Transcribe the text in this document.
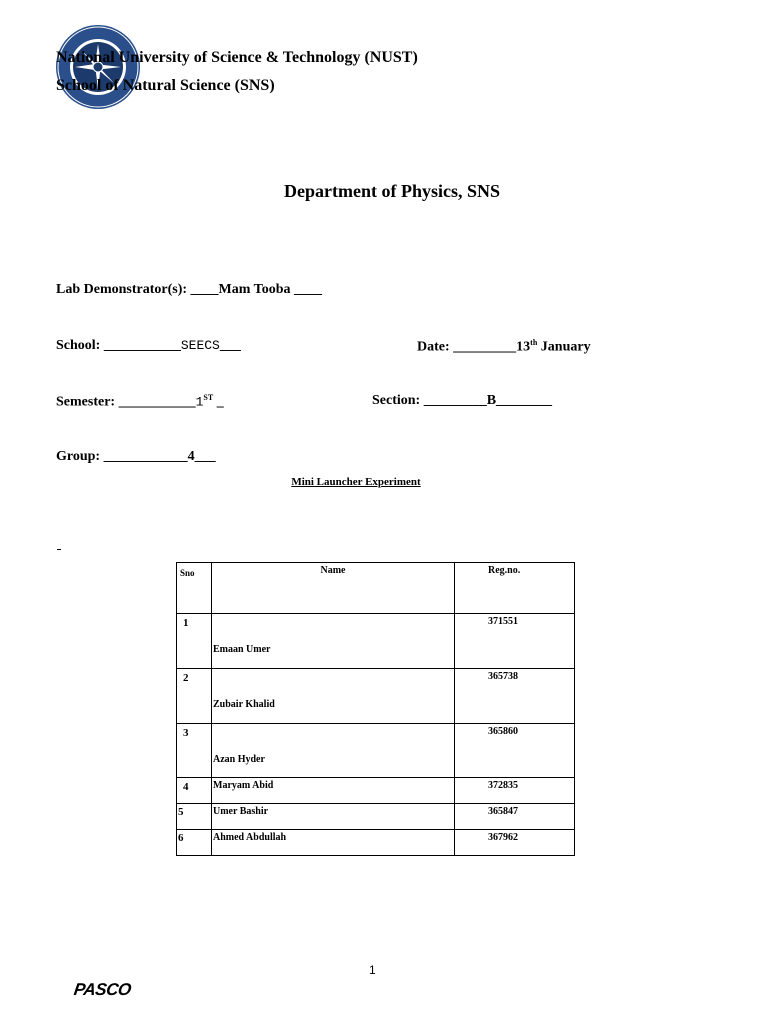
National University of Science & Technology (NUST)
School of Natural Science (SNS)
Department of Physics, SNS
Lab Demonstrator(s): ____Mam Tooba ____
School: ___________SEECS___	Date: _________13th January
Semester: ___________1ST _	Section: _________B________
Group: ____________4___
Mini Launcher Experiment
Sno	Name	Reg.no.
1	Emaan Umer	371551
2	Zubair Khalid	365738
3	Azan Hyder	365860
4	Maryam Abid	372835
5	Umer Bashir	365847
6	Ahmed Abdullah	367962
1
PASCO
